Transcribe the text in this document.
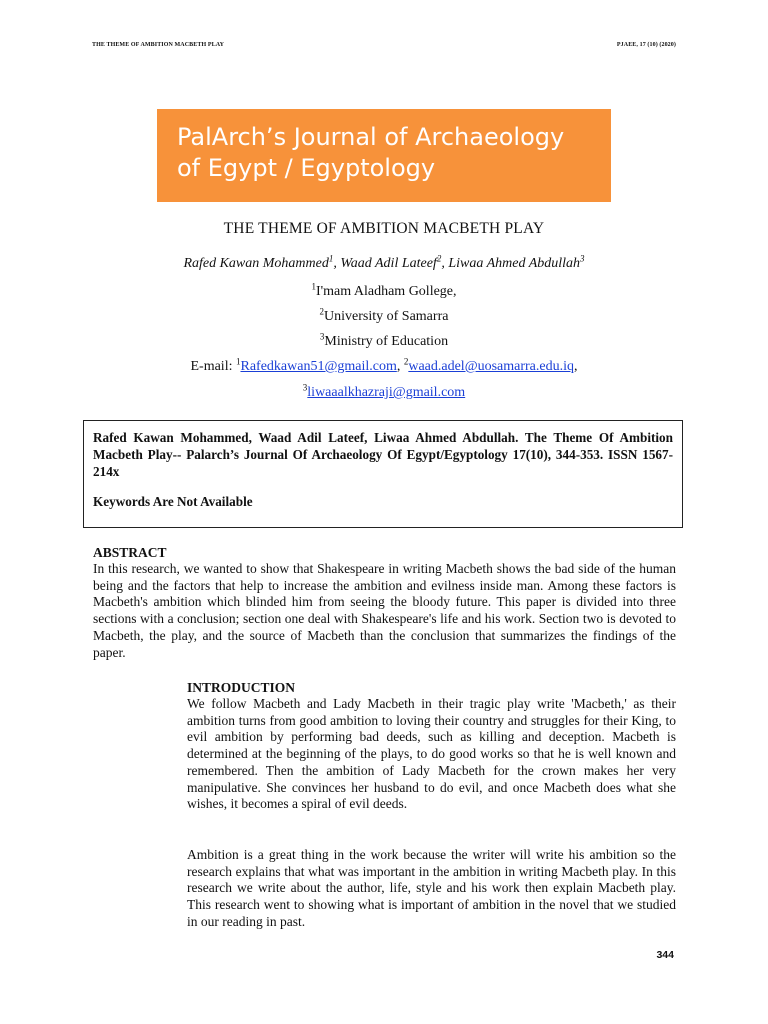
THE THEME OF AMBITION MACBETH PLAY	PJAEE, 17 (10) (2020)
PalArch’s Journal of Archaeology
of Egypt / Egyptology
THE THEME OF AMBITION MACBETH PLAY
Rafed Kawan Mohammed$^1$, Waad Adil Lateef$^2$, Liwaa Ahmed Abdullah$^3$
$^1$I'mam Aladham Gollege,
$^2$University of Samarra
$^3$Ministry of Education
E-mail: $^1$Rafedkawan51@gmail.com, $^2$waad.adel@uosamarra.edu.iq,
$^3$liwaaalkhazraji@gmail.com
Rafed Kawan Mohammed, Waad Adil Lateef, Liwaa Ahmed Abdullah. The Theme Of Ambition Macbeth Play-- Palarch’s Journal Of Archaeology Of Egypt/Egyptology 17(10), 344-353. ISSN 1567-214x
Keywords Are Not Available
ABSTRACT
In this research, we wanted to show that Shakespeare in writing Macbeth shows the bad side of the human being and the factors that help to increase the ambition and evilness inside man. Among these factors is Macbeth's ambition which blinded him from seeing the bloody future. This paper is divided into three sections with a conclusion; section one deal with Shakespeare's life and his work. Section two is devoted to Macbeth, the play, and the source of Macbeth than the conclusion that summarizes the findings of the paper.
INTRODUCTION
We follow Macbeth and Lady Macbeth in their tragic play write 'Macbeth,' as their ambition turns from good ambition to loving their country and struggles for their King, to evil ambition by performing bad deeds, such as killing and deception. Macbeth is determined at the beginning of the plays, to do good works so that he is well known and remembered. Then the ambition of Lady Macbeth for the crown makes her very manipulative. She convinces her husband to do evil, and once Macbeth does what she wishes, it becomes a spiral of evil deeds.
Ambition is a great thing in the work because the writer will write his ambition so the research explains that what was important in the ambition in writing Macbeth play. In this research we write about the author, life, style and his work then explain Macbeth play. This research went to showing what is important of ambition in the novel that we studied in our reading in past.
344
